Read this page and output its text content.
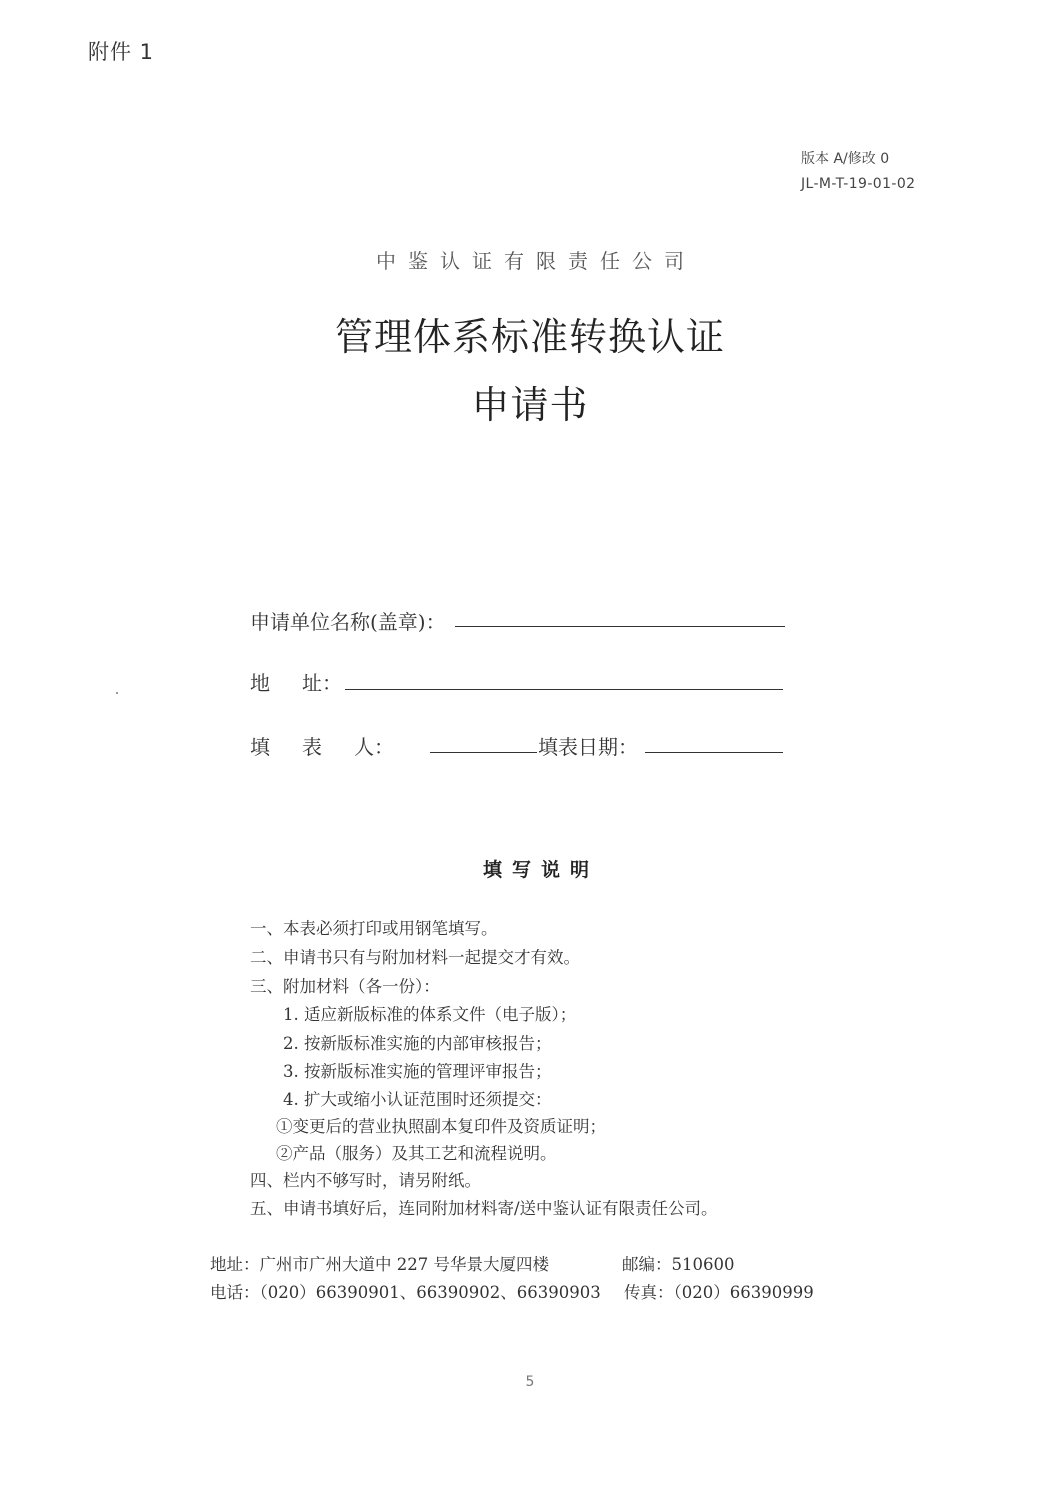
附件 1
版本 A/修改 0
JL-M-T-19-01-02
中鉴认证有限责任公司
管理体系标准转换认证
申请书
申请单位名称(盖章)：
地 址：
填 表 人：	填表日期：
填写说明
一、本表必须打印或用钢笔填写。
二、申请书只有与附加材料一起提交才有效。
三、附加材料（各一份）：
1. 适应新版标准的体系文件（电子版）；
2. 按新版标准实施的内部审核报告；
3. 按新版标准实施的管理评审报告；
4. 扩大或缩小认证范围时还须提交：
①变更后的营业执照副本复印件及资质证明；
②产品（服务）及其工艺和流程说明。
四、栏内不够写时，请另附纸。
五、申请书填好后，连同附加材料寄/送中鉴认证有限责任公司。
地址：广州市广州大道中 227 号华景大厦四楼	邮编：510600
电话：（020）66390901、66390902、66390903 传真：（020）66390999
5
